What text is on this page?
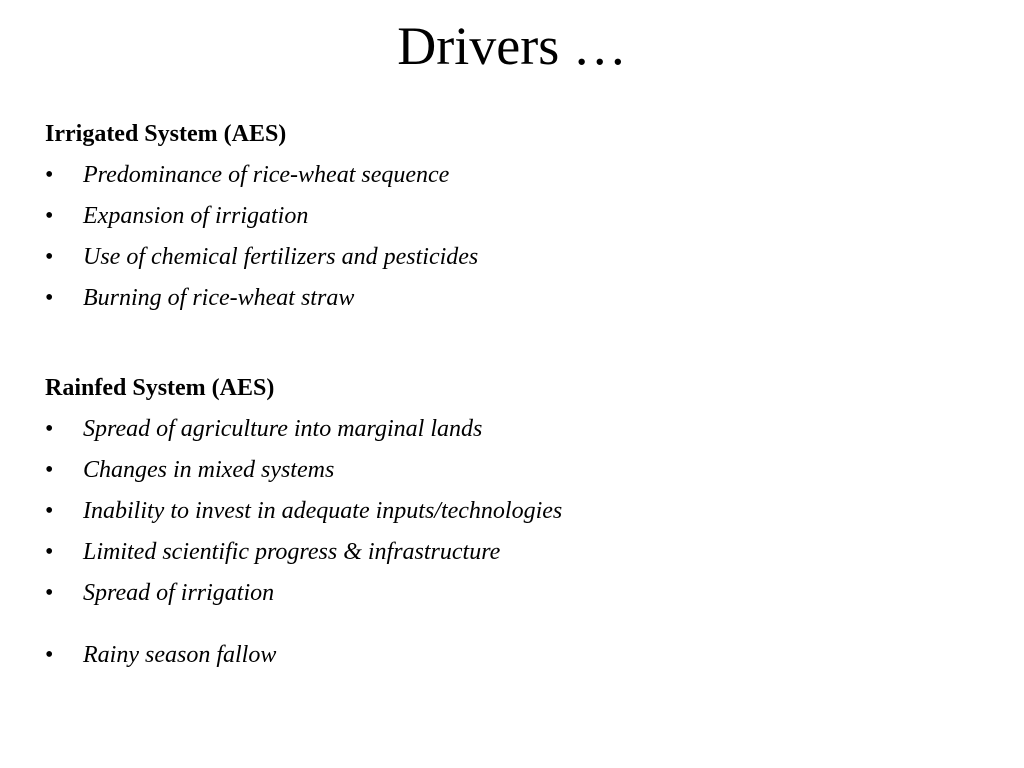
Drivers …

Irrigated System (AES)

•	Predominance of rice-wheat sequence
•	Expansion of irrigation
•	Use of chemical fertilizers and pesticides
•	Burning of rice-wheat straw

Rainfed System (AES)

•	Spread of agriculture into marginal lands
•	Changes in mixed systems
•	Inability to invest in adequate inputs/technologies
•	Limited scientific progress & infrastructure
•	Spread of irrigation
•	Rainy season fallow
